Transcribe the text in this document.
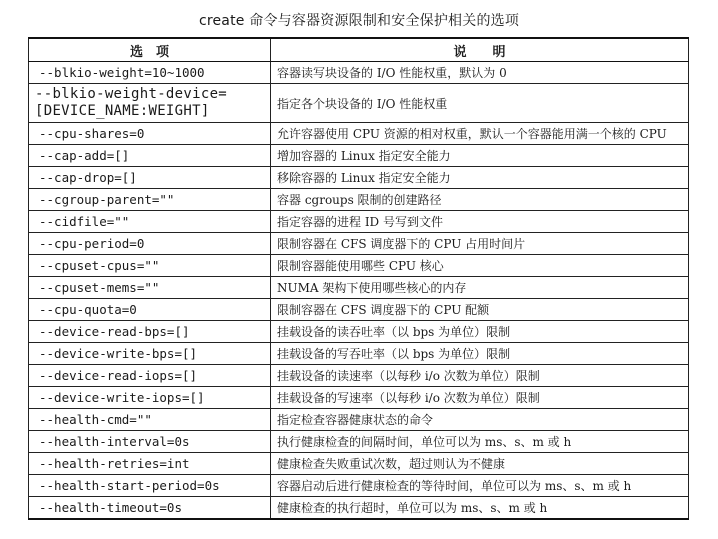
create 命令与容器资源限制和安全保护相关的选项
选　项	说　　明
--blkio-weight=10~1000	容器读写块设备的 I/O 性能权重，默认为 0
--blkio-weight-device=[DEVICE_NAME:WEIGHT]	指定各个块设备的 I/O 性能权重
--cpu-shares=0	允许容器使用 CPU 资源的相对权重，默认一个容器能用满一个核的 CPU
--cap-add=[]	增加容器的 Linux 指定安全能力
--cap-drop=[]	移除容器的 Linux 指定安全能力
--cgroup-parent=""	容器 cgroups 限制的创建路径
--cidfile=""	指定容器的进程 ID 号写到文件
--cpu-period=0	限制容器在 CFS 调度器下的 CPU 占用时间片
--cpuset-cpus=""	限制容器能使用哪些 CPU 核心
--cpuset-mems=""	NUMA 架构下使用哪些核心的内存
--cpu-quota=0	限制容器在 CFS 调度器下的 CPU 配额
--device-read-bps=[]	挂载设备的读吞吐率（以 bps 为单位）限制
--device-write-bps=[]	挂载设备的写吞吐率（以 bps 为单位）限制
--device-read-iops=[]	挂载设备的读速率（以每秒 i/o 次数为单位）限制
--device-write-iops=[]	挂载设备的写速率（以每秒 i/o 次数为单位）限制
--health-cmd=""	指定检查容器健康状态的命令
--health-interval=0s	执行健康检查的间隔时间，单位可以为 ms、s、m 或 h
--health-retries=int	健康检查失败重试次数，超过则认为不健康
--health-start-period=0s	容器启动后进行健康检查的等待时间，单位可以为 ms、s、m 或 h
--health-timeout=0s	健康检查的执行超时，单位可以为 ms、s、m 或 h
